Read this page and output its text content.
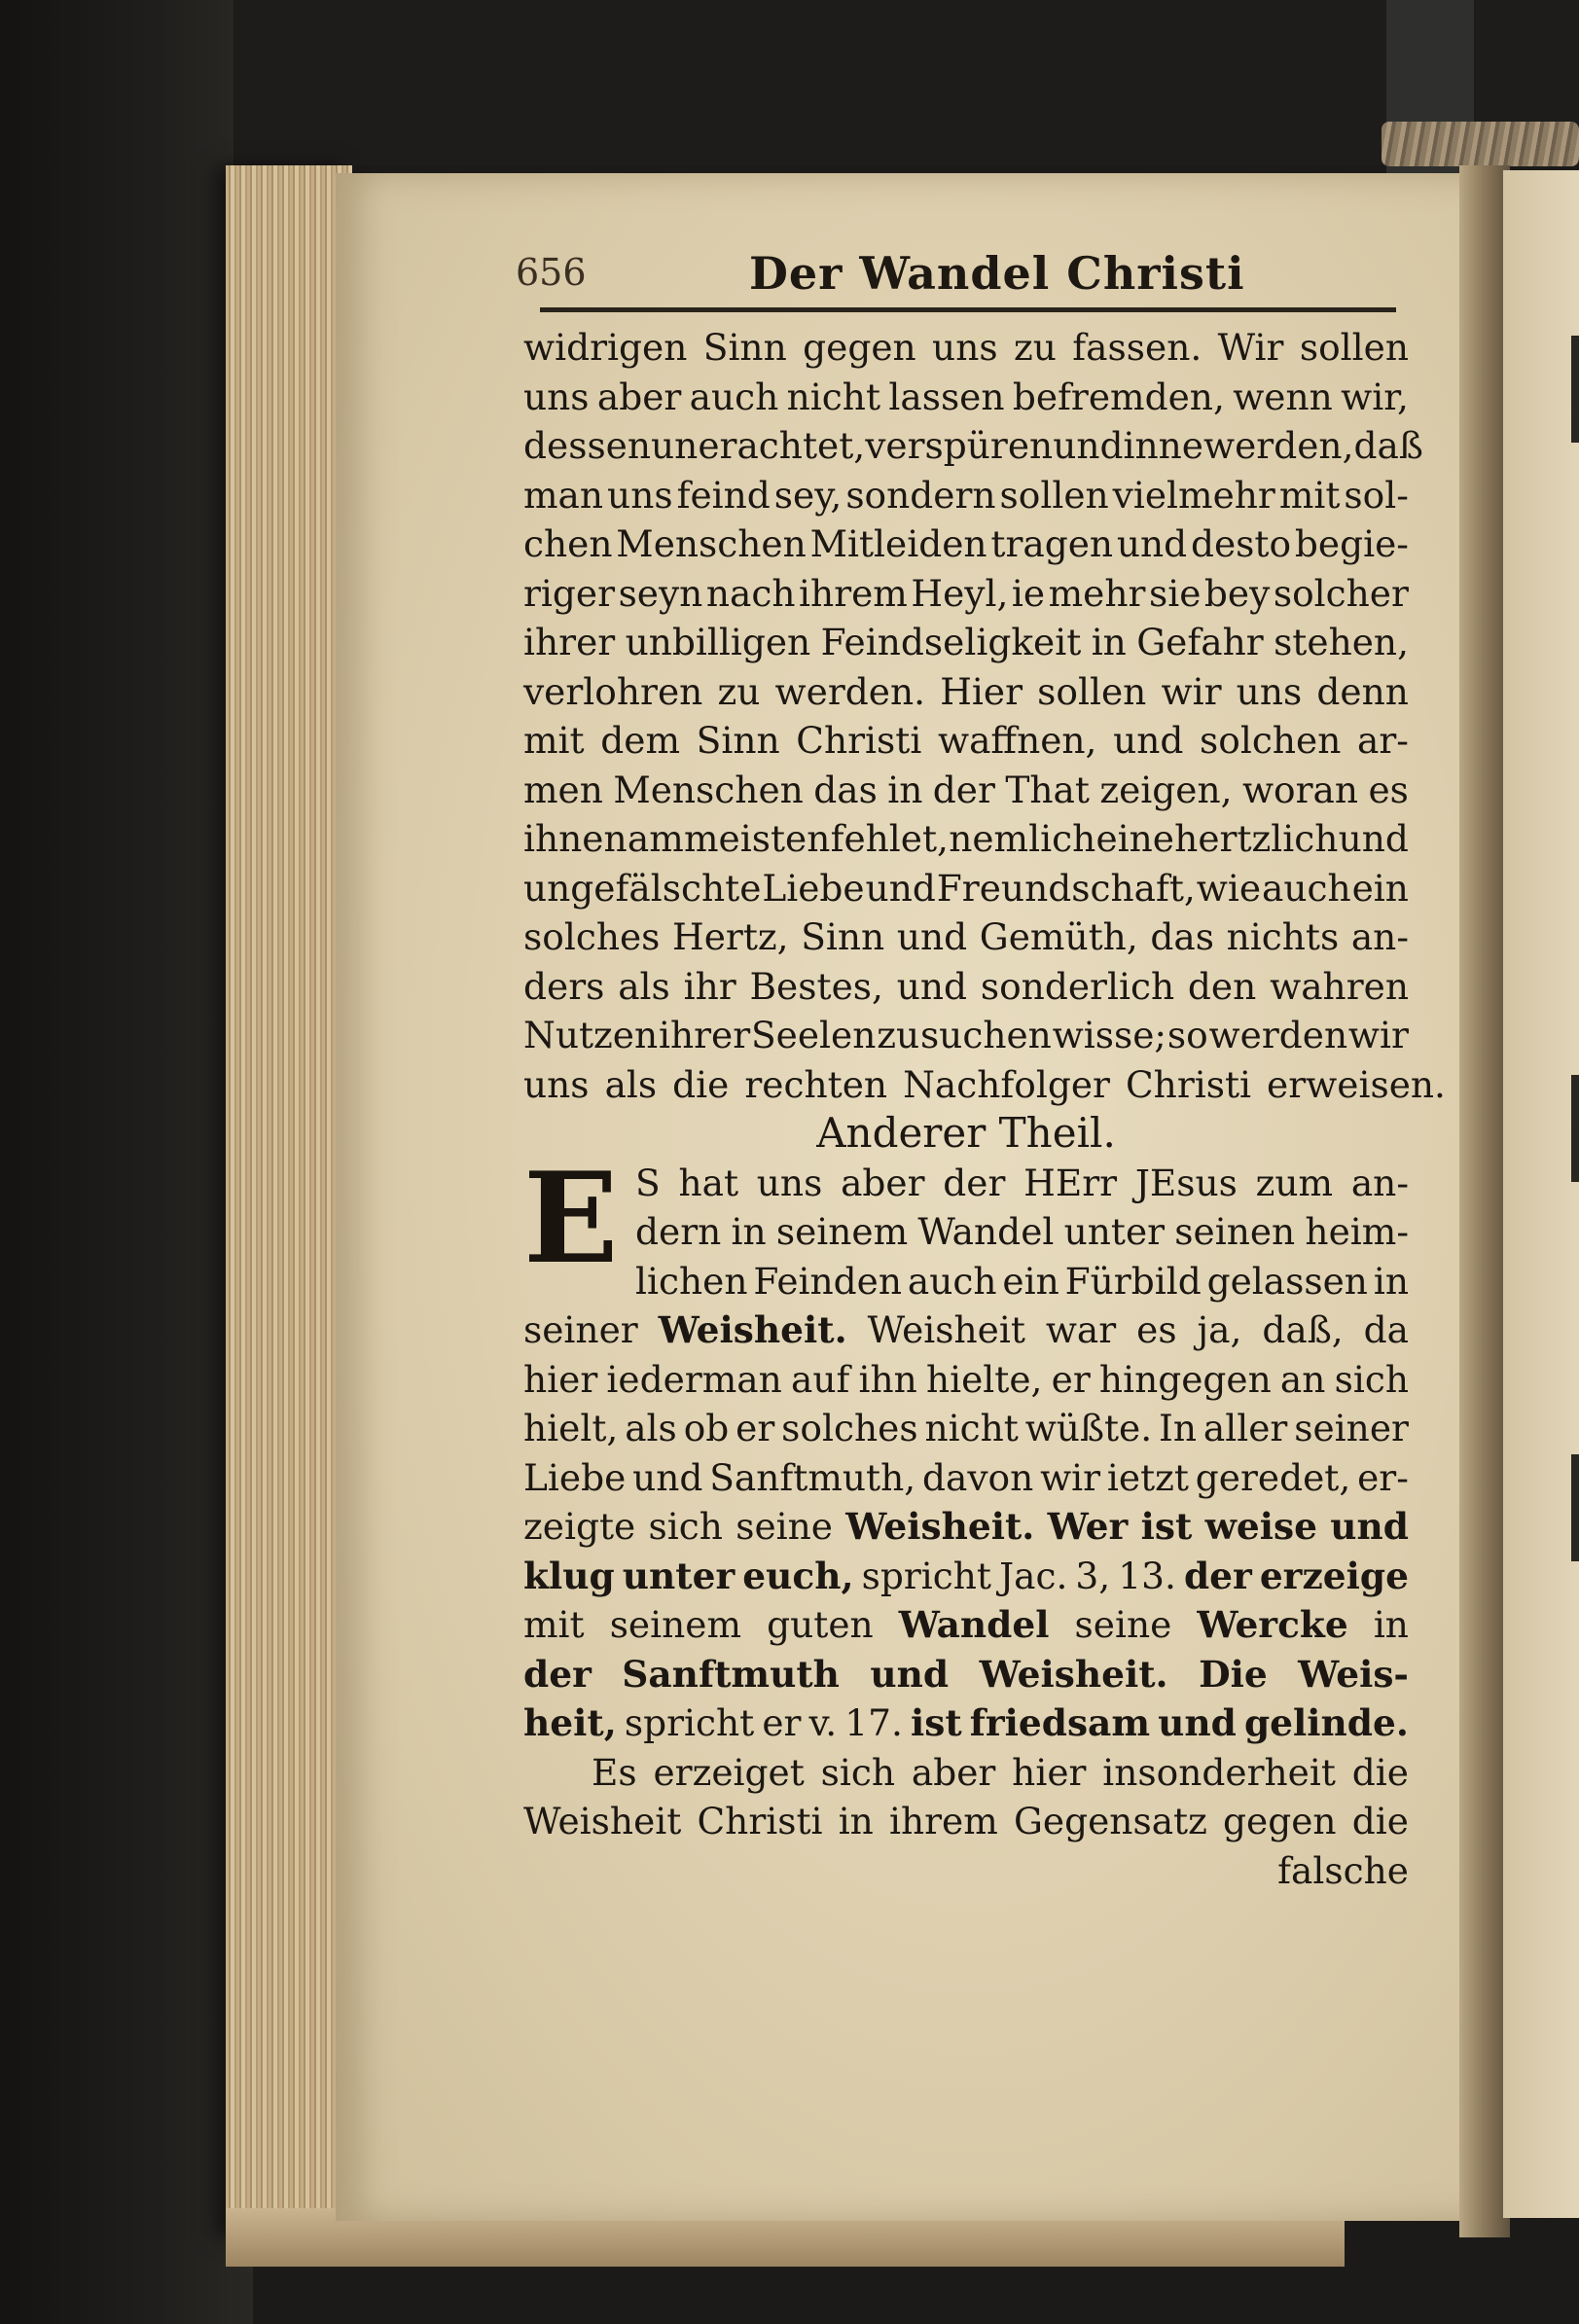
656	Der Wandel Christi
widrigen Sinn gegen uns zu fassen. Wir sollen
uns aber auch nicht lassen befremden, wenn wir,
dessen unerachtet, verspüren und inne werden, daß
man uns feind sey, sondern sollen vielmehr mit sol-
chen Menschen Mitleiden tragen und desto begie-
riger seyn nach ihrem Heyl, ie mehr sie bey solcher
ihrer unbilligen Feindseligkeit in Gefahr stehen,
verlohren zu werden. Hier sollen wir uns denn
mit dem Sinn Christi waffnen, und solchen ar-
men Menschen das in der That zeigen, woran es
ihnen am meisten fehlet, nemlich eine hertzlich und
ungefälschte Liebe und Freundschaft, wie auch ein
solches Hertz, Sinn und Gemüth, das nichts an-
ders als ihr Bestes, und sonderlich den wahren
Nutzen ihrer Seelen zu suchen wisse; so werden wir
uns als die rechten Nachfolger Christi erweisen.
Anderer Theil.
E S hat uns aber der HErr JEsus zum an-
dern in seinem Wandel unter seinen heim-
lichen Feinden auch ein Fürbild gelassen in
seiner Weisheit. Weisheit war es ja, daß, da
hier iederman auf ihn hielte, er hingegen an sich
hielt, als ob er solches nicht wüßte. In aller seiner
Liebe und Sanftmuth, davon wir ietzt geredet, er-
zeigte sich seine Weisheit. Wer ist weise und
klug unter euch, spricht Jac. 3, 13. der erzeige
mit seinem guten Wandel seine Wercke in
der Sanftmuth und Weisheit. Die Weis-
heit, spricht er v. 17. ist friedsam und gelinde.
Es erzeiget sich aber hier insonderheit die
Weisheit Christi in ihrem Gegensatz gegen die
falsche
